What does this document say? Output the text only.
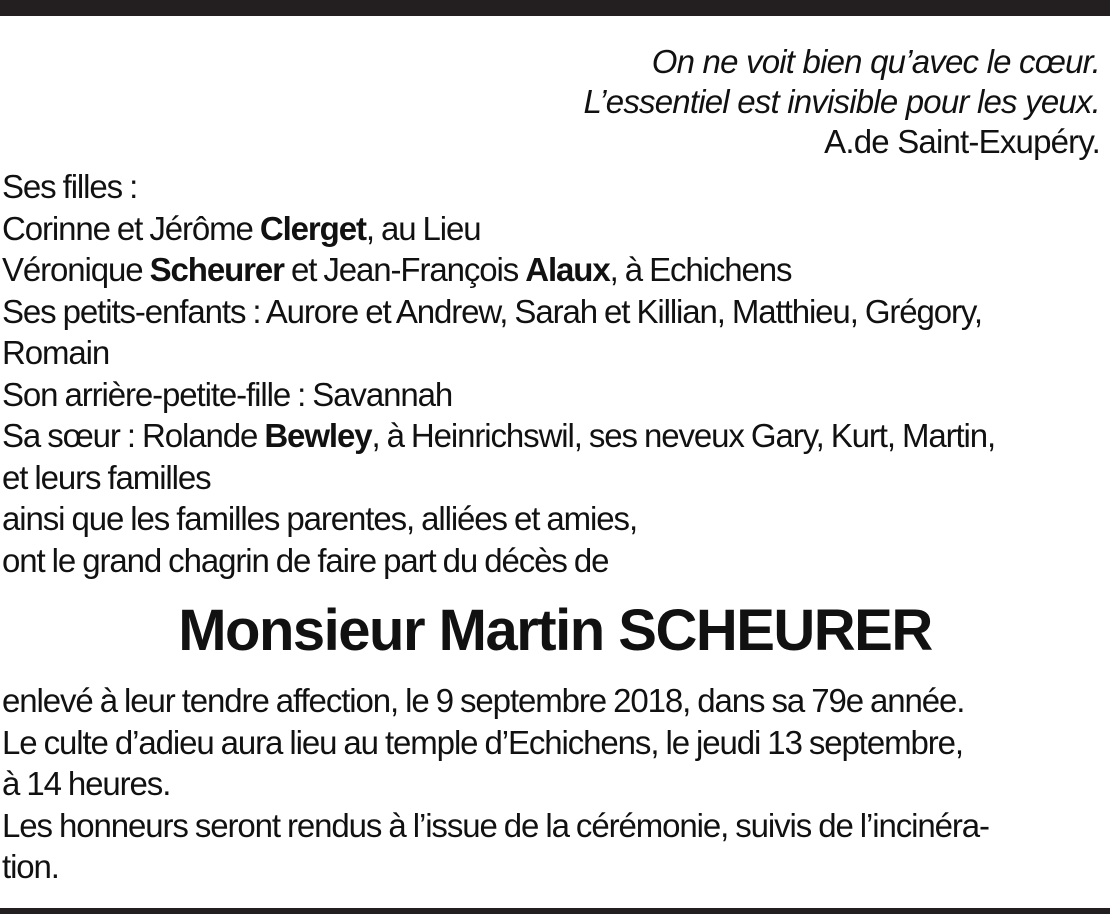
On ne voit bien qu’avec le cœur.
L’essentiel est invisible pour les yeux.
A.de Saint-Exupéry.
Ses filles :
Corinne et Jérôme Clerget, au Lieu
Véronique Scheurer et Jean-François Alaux, à Echichens
Ses petits-enfants : Aurore et Andrew, Sarah et Killian, Matthieu, Grégory,
Romain
Son arrière-petite-fille : Savannah
Sa sœur : Rolande Bewley, à Heinrichswil, ses neveux Gary, Kurt, Martin,
et leurs familles
ainsi que les familles parentes, alliées et amies,
ont le grand chagrin de faire part du décès de
Monsieur Martin SCHEURER
enlevé à leur tendre affection, le 9 septembre 2018, dans sa 79e année.
Le culte d’adieu aura lieu au temple d’Echichens, le jeudi 13 septembre,
à 14 heures.
Les honneurs seront rendus à l’issue de la cérémonie, suivis de l’incinéra-
tion.
